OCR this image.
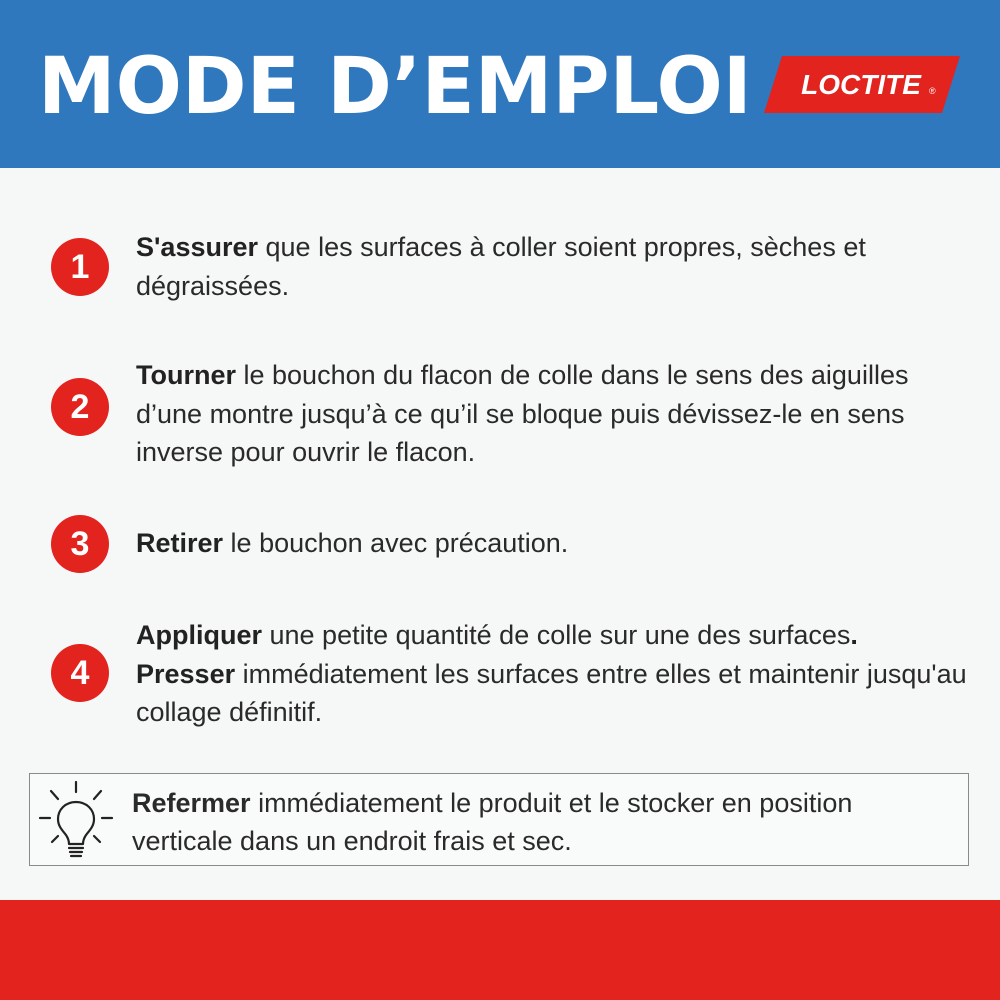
MODE D’EMPLOI LOCTITE ®
1
S'assurer que les surfaces à coller soient propres, sèches et dégraissées.
2
Tourner le bouchon du flacon de colle dans le sens des aiguilles d’une montre jusqu’à ce qu’il se bloque puis dévissez-le en sens inverse pour ouvrir le flacon.
3 Retirer le bouchon avec précaution.
4
Appliquer une petite quantité de colle sur une des surfaces.
Presser immédiatement les surfaces entre elles et maintenir jusqu'au collage définitif.
Refermer immédiatement le produit et le stocker en position verticale dans un endroit frais et sec.
